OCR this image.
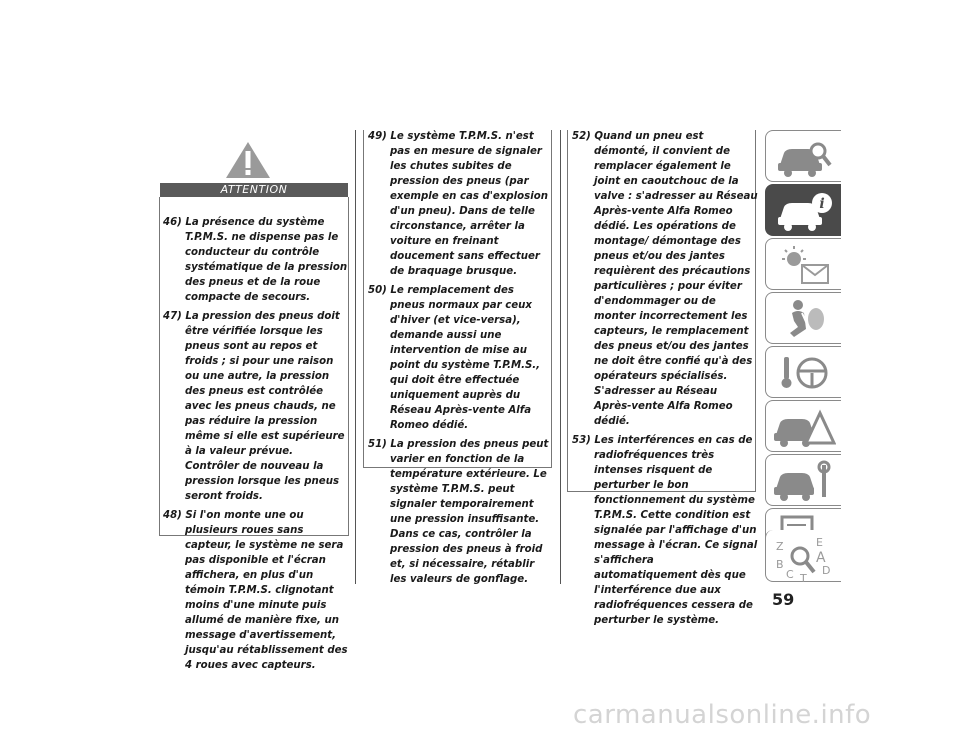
ATTENTION

46) La présence du système T.P.M.S. ne dispense pas le conducteur du contrôle systématique de la pression des pneus et de la roue compacte de secours.

47) La pression des pneus doit être vérifiée lorsque les pneus sont au repos et froids ; si pour une raison ou une autre, la pression des pneus est contrôlée avec les pneus chauds, ne pas réduire la pression même si elle est supérieure à la valeur prévue. Contrôler de nouveau la pression lorsque les pneus seront froids.

48) Si l'on monte une ou plusieurs roues sans capteur, le système ne sera pas disponible et l'écran affichera, en plus d'un témoin T.P.M.S. clignotant moins d'une minute puis allumé de manière fixe, un message d'avertissement, jusqu'au rétablissement des 4 roues avec capteurs.

49) Le système T.P.M.S. n'est pas en mesure de signaler les chutes subites de pression des pneus (par exemple en cas d'explosion d'un pneu). Dans de telle circonstance, arrêter la voiture en freinant doucement sans effectuer de braquage brusque.

50) Le remplacement des pneus normaux par ceux d'hiver (et vice-versa), demande aussi une intervention de mise au point du système T.P.M.S., qui doit être effectuée uniquement auprès du Réseau Après-vente Alfa Romeo dédié.

51) La pression des pneus peut varier en fonction de la température extérieure. Le système T.P.M.S. peut signaler temporairement une pression insuffisante. Dans ce cas, contrôler la pression des pneus à froid et, si nécessaire, rétablir les valeurs de gonflage.

52) Quand un pneu est démonté, il convient de remplacer également le joint en caoutchouc de la valve : s'adresser au Réseau Après-vente Alfa Romeo dédié. Les opérations de montage/ démontage des pneus et/ou des jantes requièrent des précautions particulières ; pour éviter d'endommager ou de monter incorrectement les capteurs, le remplacement des pneus et/ou des jantes ne doit être confié qu'à des opérateurs spécialisés. S'adresser au Réseau Après-vente Alfa Romeo dédié.

53) Les interférences en cas de radiofréquences très intenses risquent de perturber le bon fonctionnement du système T.P.M.S. Cette condition est signalée par l'affichage d'un message à l'écran. Ce signal s'affichera automatiquement dès que l'interférence due aux radiofréquences cessera de perturber le système.

i
Z	E
B A
C	D
T
59
carmanualsonline.info
